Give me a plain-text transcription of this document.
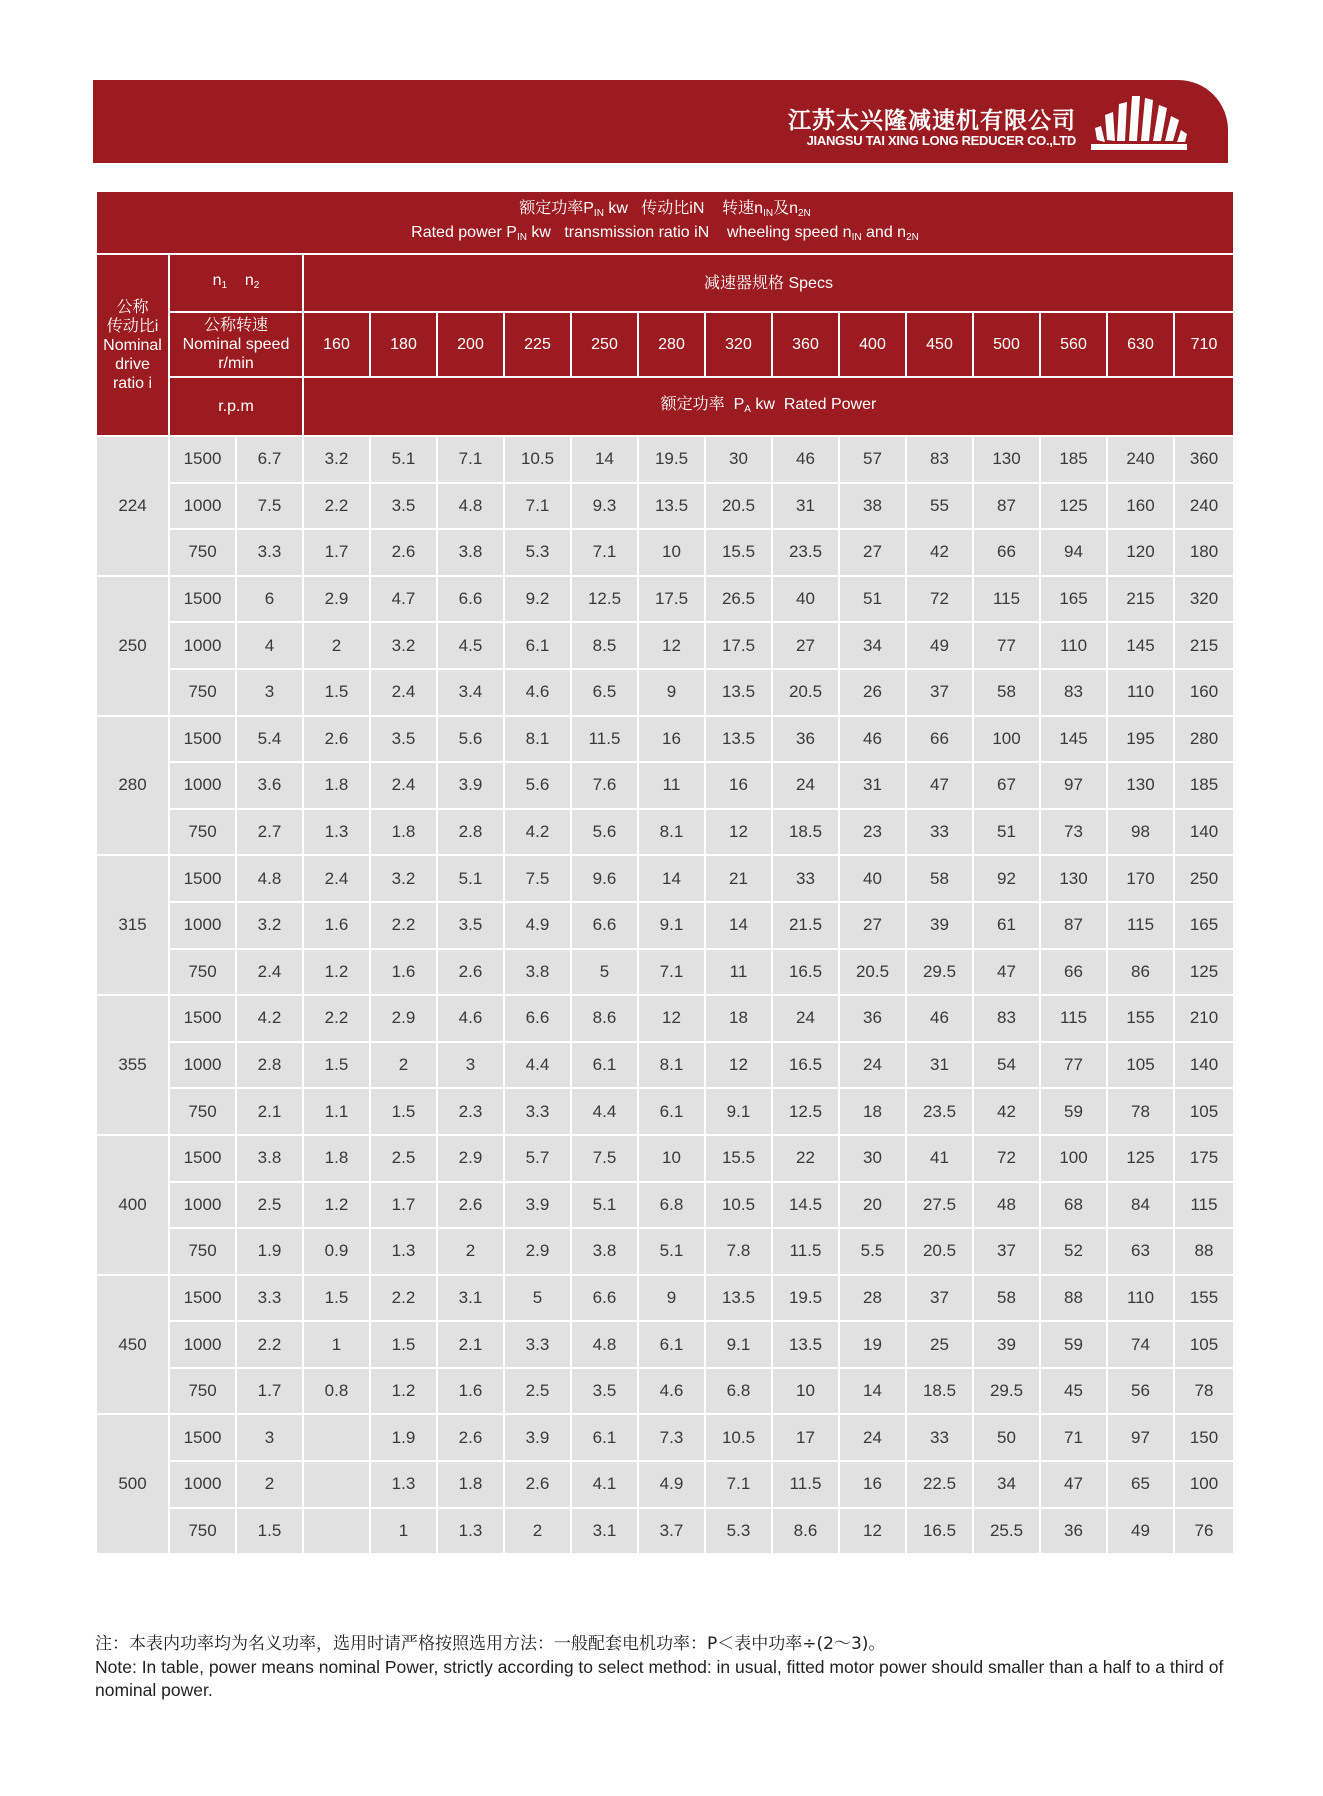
江苏太兴隆减速机有限公司
JIANGSU TAI XING LONG REDUCER CO.,LTD
额定功率$P_{IN}$ kw   传动比iN    转速$n_{IN}$及$n_{2N}$
Rated power $P_{IN}$ kw   transmission ratio iN    wheeling speed $n_{IN}$ and $n_{2N}$

公称
传动比i
Nominal
drive
ratio i	$n_1$ $n_2$		减速器规格 Specs													

	公称转速
Nominal speed
r/min		160	180	200	225	250	280	320	360	400	450	500	560	630	710
	r.p.m		额定功率  $P_A$ kw  Rated Power													
224	1500	6.7	3.2	5.1	7.1	10.5	14	19.5	30	46	57	83	130	185	240	360
	1000	7.5	2.2	3.5	4.8	7.1	9.3	13.5	20.5	31	38	55	87	125	160	240
	750	3.3	1.7	2.6	3.8	5.3	7.1	10	15.5	23.5	27	42	66	94	120	180
250	1500	6	2.9	4.7	6.6	9.2	12.5	17.5	26.5	40	51	72	115	165	215	320
	1000	4	2	3.2	4.5	6.1	8.5	12	17.5	27	34	49	77	110	145	215
	750	3	1.5	2.4	3.4	4.6	6.5	9	13.5	20.5	26	37	58	83	110	160
280	1500	5.4	2.6	3.5	5.6	8.1	11.5	16	13.5	36	46	66	100	145	195	280
	1000	3.6	1.8	2.4	3.9	5.6	7.6	11	16	24	31	47	67	97	130	185
	750	2.7	1.3	1.8	2.8	4.2	5.6	8.1	12	18.5	23	33	51	73	98	140
315	1500	4.8	2.4	3.2	5.1	7.5	9.6	14	21	33	40	58	92	130	170	250
	1000	3.2	1.6	2.2	3.5	4.9	6.6	9.1	14	21.5	27	39	61	87	115	165
	750	2.4	1.2	1.6	2.6	3.8	5	7.1	11	16.5	20.5	29.5	47	66	86	125
355	1500	4.2	2.2	2.9	4.6	6.6	8.6	12	18	24	36	46	83	115	155	210
	1000	2.8	1.5	2	3	4.4	6.1	8.1	12	16.5	24	31	54	77	105	140
	750	2.1	1.1	1.5	2.3	3.3	4.4	6.1	9.1	12.5	18	23.5	42	59	78	105
400	1500	3.8	1.8	2.5	2.9	5.7	7.5	10	15.5	22	30	41	72	100	125	175
	1000	2.5	1.2	1.7	2.6	3.9	5.1	6.8	10.5	14.5	20	27.5	48	68	84	115
	750	1.9	0.9	1.3	2	2.9	3.8	5.1	7.8	11.5	5.5	20.5	37	52	63	88
450	1500	3.3	1.5	2.2	3.1	5	6.6	9	13.5	19.5	28	37	58	88	110	155
	1000	2.2	1	1.5	2.1	3.3	4.8	6.1	9.1	13.5	19	25	39	59	74	105
	750	1.7	0.8	1.2	1.6	2.5	3.5	4.6	6.8	10	14	18.5	29.5	45	56	78
500	1500	3		1.9	2.6	3.9	6.1	7.3	10.5	17	24	33	50	71	97	150
	1000	2		1.3	1.8	2.6	4.1	4.9	7.1	11.5	16	22.5	34	47	65	100
	750	1.5		1	1.3	2	3.1	3.7	5.3	8.6	12	16.5	25.5	36	49	76
注：本表内功率均为名义功率，选用时请严格按照选用方法：一般配套电机功率：P＜表中功率÷(2～3)。
Note: In table, power means nominal Power, strictly according to select method: in usual, fitted motor power should smaller than a half to a third of nominal power.
